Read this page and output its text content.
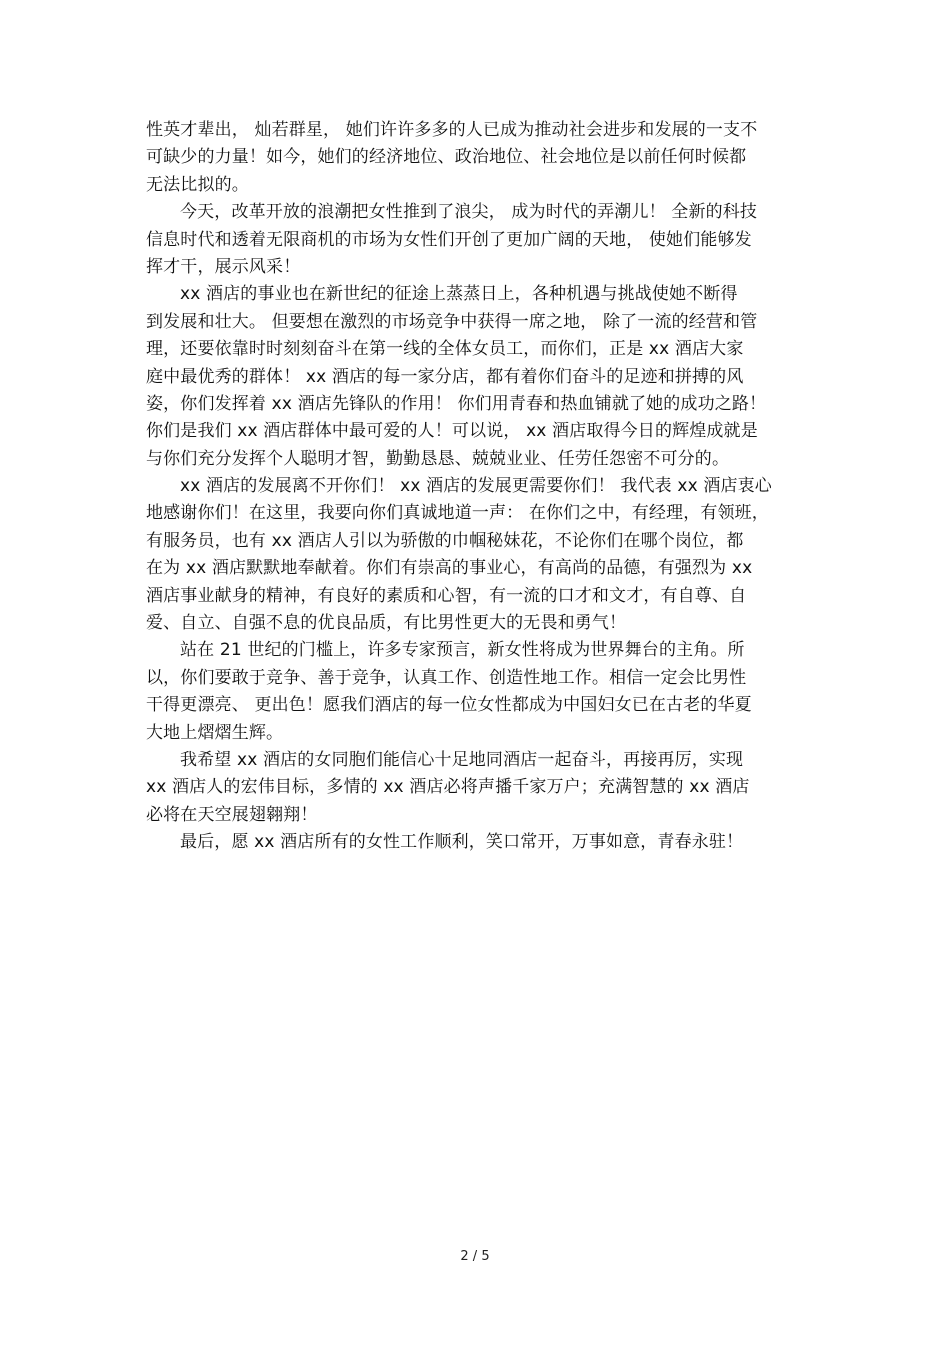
性英才辈出， 灿若群星， 她们许许多多的人已成为推动社会进步和发展的一支不
可缺少的力量！如今，她们的经济地位、政治地位、社会地位是以前任何时候都
无法比拟的。
今天，改革开放的浪潮把女性推到了浪尖， 成为时代的弄潮儿！ 全新的科技
信息时代和透着无限商机的市场为女性们开创了更加广阔的天地， 使她们能够发
挥才干，展示风采！
xx 酒店的事业也在新世纪的征途上蒸蒸日上，各种机遇与挑战使她不断得
到发展和壮大。 但要想在激烈的市场竞争中获得一席之地， 除了一流的经营和管
理，还要依靠时时刻刻奋斗在第一线的全体女员工，而你们，正是 xx 酒店大家
庭中最优秀的群体！ xx 酒店的每一家分店，都有着你们奋斗的足迹和拼搏的风
姿，你们发挥着 xx 酒店先锋队的作用！ 你们用青春和热血铺就了她的成功之路！
你们是我们 xx 酒店群体中最可爱的人！可以说， xx 酒店取得今日的辉煌成就是
与你们充分发挥个人聪明才智，勤勤恳恳、兢兢业业、任劳任怨密不可分的。
xx 酒店的发展离不开你们！ xx 酒店的发展更需要你们！ 我代表 xx 酒店衷心
地感谢你们！在这里，我要向你们真诚地道一声： 在你们之中，有经理，有领班，
有服务员，也有 xx 酒店人引以为骄傲的巾帼秘妹花，不论你们在哪个岗位，都
在为 xx 酒店默默地奉献着。你们有崇高的事业心，有高尚的品德，有强烈为 xx
酒店事业献身的精神，有良好的素质和心智，有一流的口才和文才，有自尊、自
爱、自立、自强不息的优良品质，有比男性更大的无畏和勇气！
站在 21 世纪的门槛上，许多专家预言，新女性将成为世界舞台的主角。所
以，你们要敢于竞争、善于竞争，认真工作、创造性地工作。相信一定会比男性
干得更漂亮、 更出色！愿我们酒店的每一位女性都成为中国妇女已在古老的华夏
大地上熠熠生辉。
我希望 xx 酒店的女同胞们能信心十足地同酒店一起奋斗，再接再厉，实现
xx 酒店人的宏伟目标，多情的 xx 酒店必将声播千家万户；充满智慧的 xx 酒店
必将在天空展翅翱翔！
最后，愿 xx 酒店所有的女性工作顺利，笑口常开，万事如意，青春永驻！
2 / 5
